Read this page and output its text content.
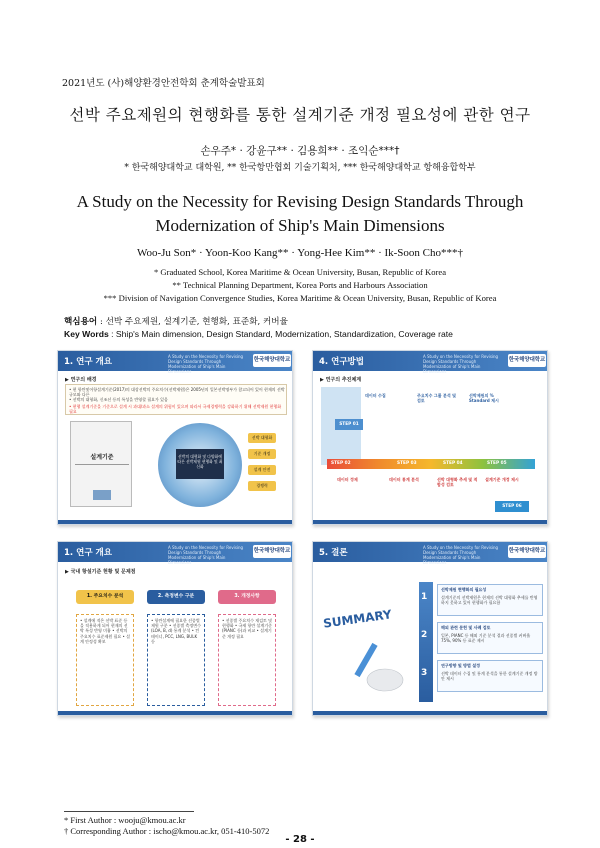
2021년도 (사)해양환경안전학회 춘계학술발표회
선박 주요제원의 현행화를 통한 설계기준 개정 필요성에 관한 연구
손우주* · 강윤구** · 김용희** · 조익순***†
* 한국해양대학교 대학원, ** 한국항만협회 기술기획처, *** 한국해양대학교 항해융합학부
A Study on the Necessity for Revising Design Standards Through
Modernization of Ship's Main Dimensions
Woo-Ju Son* · Yoon-Koo Kang** · Yong-Hee Kim** · Ik-Soon Cho***†
* Graduated School, Korea Maritime & Ocean University, Busan, Republic of Korea
** Technical Planning Department, Korea Ports and Harbours Association
*** Division of Navigation Convergence Studies, Korea Maritime & Ocean University, Busan, Republic of Korea
핵심용어 : 선박 주요제원, 설계기준, 현행화, 표준화, 커버율
Key Words : Ship's Main dimension, Design Standard, Modernization, Standardization, Coverage rate
1. 연구 개요
A Study on the Necessity for Revising Design Standards Through Modernization of Ship's Main Dimensions
한국해양대학교
▶ 연구의 배경
• 현 항만및어항설계기준(2017)의 대상선박의 주요치수(선박제원)은 2005년의 일본선박명부가 참고되어 있어 현재의 선박 규모와 다른
• 선박의 대형화, 신조선 등의 특성을 반영할 필요가 있음
• 현행 설계기준을 기준으로 설계 시 과대/과소 설계의 위험이 있으며 따라서 국제경쟁력을 강화하기 위해 선박제원 현행화 필요
설계기준	선박의 대형화 및 다양화에 따른 선박제원 현행화 및 최신화
선박 대형화
기준 개정
설계 안전
경쟁력
4. 연구방법
A Study on the Necessity for Revising Design Standards Through Modernization of Ship's Main Dimensions
한국해양대학교
▶ 연구의 추진체계
데이터 수집	주요치수 그룹 분석 및 검토
선박제원의 % Standard 제시
STEP 01
STEP 02	STEP 03	STEP 04	STEP 05
데이터 정제	데이터 통계 분석	선박 대형화 추세 및 적합성 검토
설계기준 개정 제시
STEP 06
1. 연구 개요
A Study on the Necessity for Revising Design Standards Through Modernization of Ship's Main Dimensions
한국해양대학교
▶ 국내 항설기준 현황 및 문제점
1. 주요치수 분석	2. 측정변수 구분	3. 개정사항
• 설계에 적은 선박 표준 등을 적용하게 되어 현재의 선박 특성 반영 미흡 • 선박의 주요치수 표준제원 필요 • 설계 안정성 확보
• 항만설계에 필요한 선종별 제원 구분 • 선종별 측정변수(LOA, B, d) 통계 분석 • 컨테이너, PCC, LNG, BULK 등
• 선종별 주요치수 재검토 및 현행화 • 국제 항만 설계기준(PIANC 등)과 비교 • 설계기준 개정 필요
5. 결론
A Study on the Necessity for Revising Design Standards Through Modernization of Ship's Main Dimensions
한국해양대학교
SUMMARY
1
2
3
선박제원 현행화의 필요성
설계기준의 선박제원은 현재의 선박 대형화 추세를 반영하지 못하고 있어 현행화가 필요함
해외 관련 문헌 및 사례 검토
일본, PIANC 등 해외 기준 분석 결과 선종별 커버율 75%, 90% 등 표준 제시
연구방향 및 방법 설정
선박 데이터 수집 및 통계 분석을 통한 설계기준 개정 방안 제시
* First Author : wooju@kmou.ac.kr
† Corresponding Author : ischo@kmou.ac.kr, 051-410-5072
- 28 -
